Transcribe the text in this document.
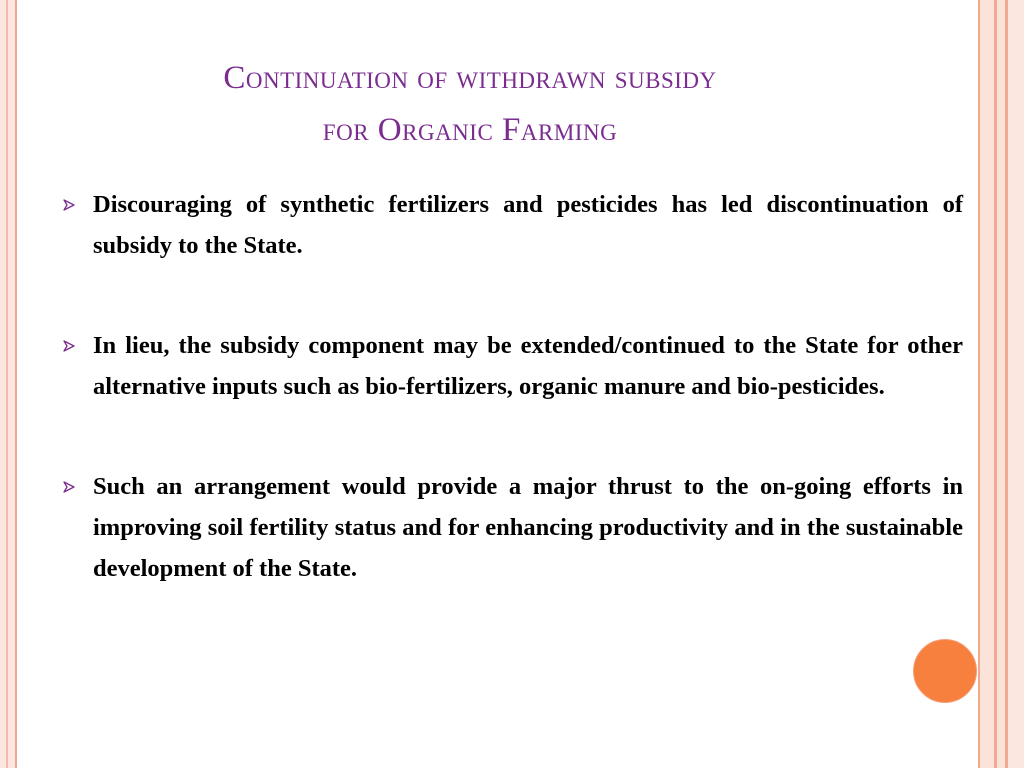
Continuation of withdrawn subsidy
for Organic Farming
Discouraging of synthetic fertilizers and pesticides has led discontinuation of subsidy to the State.
In lieu, the subsidy component may be extended/continued to the State for other alternative inputs such as bio-fertilizers, organic manure and bio-pesticides.
Such an arrangement would provide a major thrust to the on-going efforts in improving soil fertility status and for enhancing productivity and in the sustainable development of the State.
